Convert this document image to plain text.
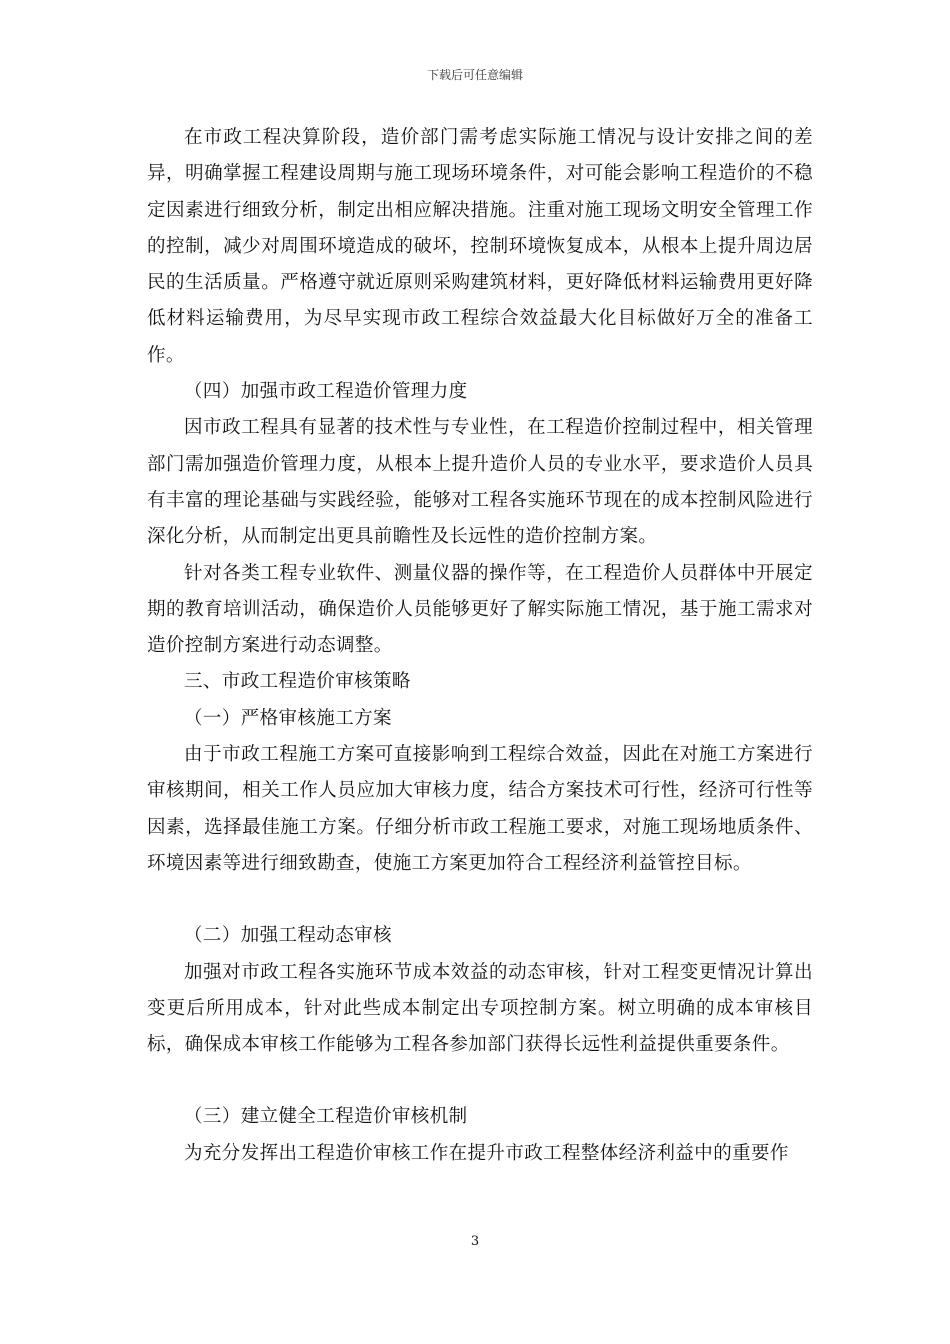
下载后可任意编辑

在市政工程决算阶段，造价部门需考虑实际施工情况与设计安排之间的差异，明确掌握工程建设周期与施工现场环境条件，对可能会影响工程造价的不稳定因素进行细致分析，制定出相应解决措施。注重对施工现场文明安全管理工作的控制，减少对周围环境造成的破坏，控制环境恢复成本，从根本上提升周边居民的生活质量。严格遵守就近原则采购建筑材料，更好降低材料运输费用更好降低材料运输费用，为尽早实现市政工程综合效益最大化目标做好万全的准备工作。

（四）加强市政工程造价管理力度

因市政工程具有显著的技术性与专业性，在工程造价控制过程中，相关管理部门需加强造价管理力度，从根本上提升造价人员的专业水平，要求造价人员具有丰富的理论基础与实践经验，能够对工程各实施环节现在的成本控制风险进行深化分析，从而制定出更具前瞻性及长远性的造价控制方案。

针对各类工程专业软件、测量仪器的操作等，在工程造价人员群体中开展定期的教育培训活动，确保造价人员能够更好了解实际施工情况，基于施工需求对造价控制方案进行动态调整。

三、市政工程造价审核策略

（一）严格审核施工方案

由于市政工程施工方案可直接影响到工程综合效益，因此在对施工方案进行审核期间，相关工作人员应加大审核力度，结合方案技术可行性，经济可行性等因素，选择最佳施工方案。仔细分析市政工程施工要求，对施工现场地质条件、环境因素等进行细致勘查，使施工方案更加符合工程经济利益管控目标。

（二）加强工程动态审核

加强对市政工程各实施环节成本效益的动态审核，针对工程变更情况计算出变更后所用成本，针对此些成本制定出专项控制方案。树立明确的成本审核目标，确保成本审核工作能够为工程各参加部门获得长远性利益提供重要条件。

（三）建立健全工程造价审核机制

为充分发挥出工程造价审核工作在提升市政工程整体经济利益中的重要作

3
